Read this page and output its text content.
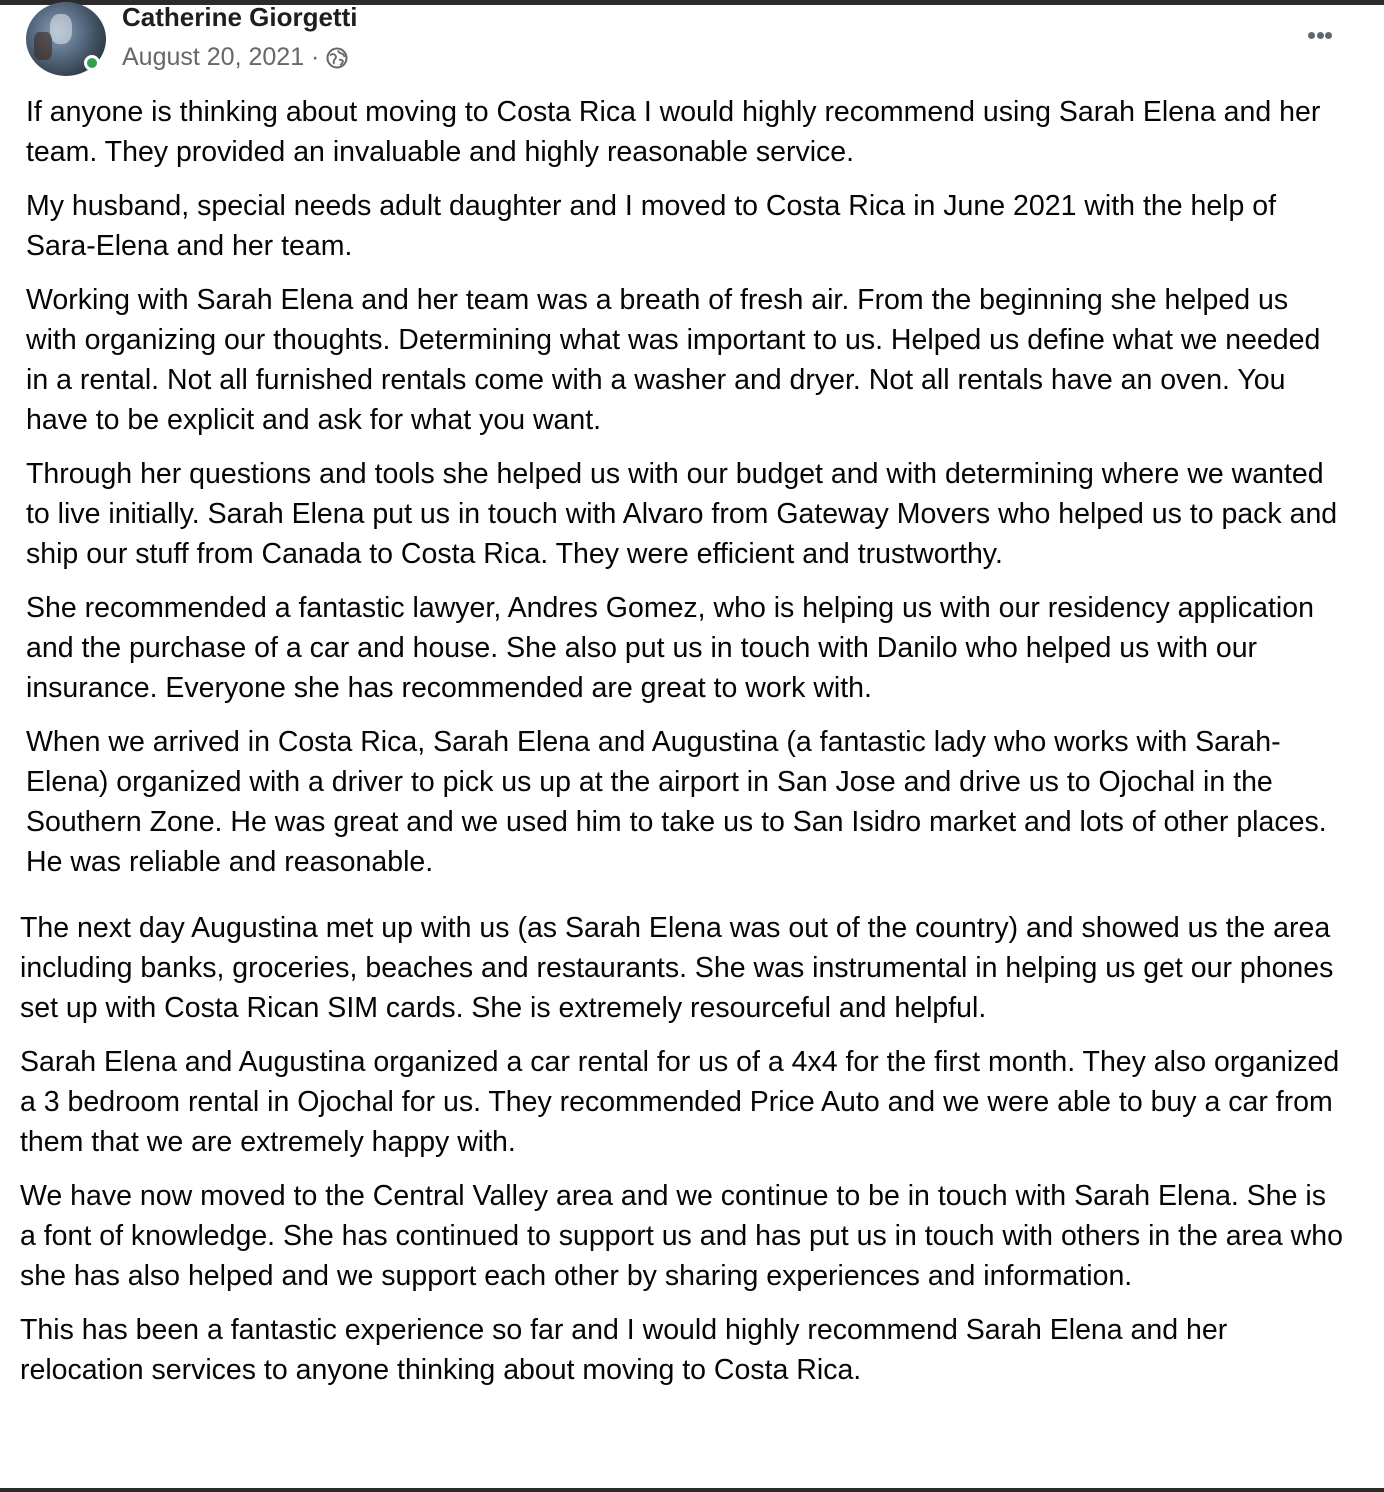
Catherine Giorgetti
August 20, 2021 ·

If anyone is thinking about moving to Costa Rica I would highly recommend using Sarah Elena and her team. They provided an invaluable and highly reasonable service.

My husband, special needs adult daughter and I moved to Costa Rica in June 2021 with the help of Sara-Elena and her team.

Working with Sarah Elena and her team was a breath of fresh air. From the beginning she helped us with organizing our thoughts. Determining what was important to us. Helped us define what we needed in a rental. Not all furnished rentals come with a washer and dryer. Not all rentals have an oven. You have to be explicit and ask for what you want.

Through her questions and tools she helped us with our budget and with determining where we wanted to live initially. Sarah Elena put us in touch with Alvaro from Gateway Movers who helped us to pack and ship our stuff from Canada to Costa Rica. They were efficient and trustworthy.

She recommended a fantastic lawyer, Andres Gomez, who is helping us with our residency application and the purchase of a car and house. She also put us in touch with Danilo who helped us with our insurance. Everyone she has recommended are great to work with.

When we arrived in Costa Rica, Sarah Elena and Augustina (a fantastic lady who works with Sarah-Elena) organized with a driver to pick us up at the airport in San Jose and drive us to Ojochal in the Southern Zone. He was great and we used him to take us to San Isidro market and lots of other places. He was reliable and reasonable.

The next day Augustina met up with us (as Sarah Elena was out of the country) and showed us the area including banks, groceries, beaches and restaurants. She was instrumental in helping us get our phones set up with Costa Rican SIM cards. She is extremely resourceful and helpful.

Sarah Elena and Augustina organized a car rental for us of a 4x4 for the first month. They also organized a 3 bedroom rental in Ojochal for us. They recommended Price Auto and we were able to buy a car from them that we are extremely happy with.

We have now moved to the Central Valley area and we continue to be in touch with Sarah Elena. She is a font of knowledge. She has continued to support us and has put us in touch with others in the area who she has also helped and we support each other by sharing experiences and information.

This has been a fantastic experience so far and I would highly recommend Sarah Elena and her relocation services to anyone thinking about moving to Costa Rica.
